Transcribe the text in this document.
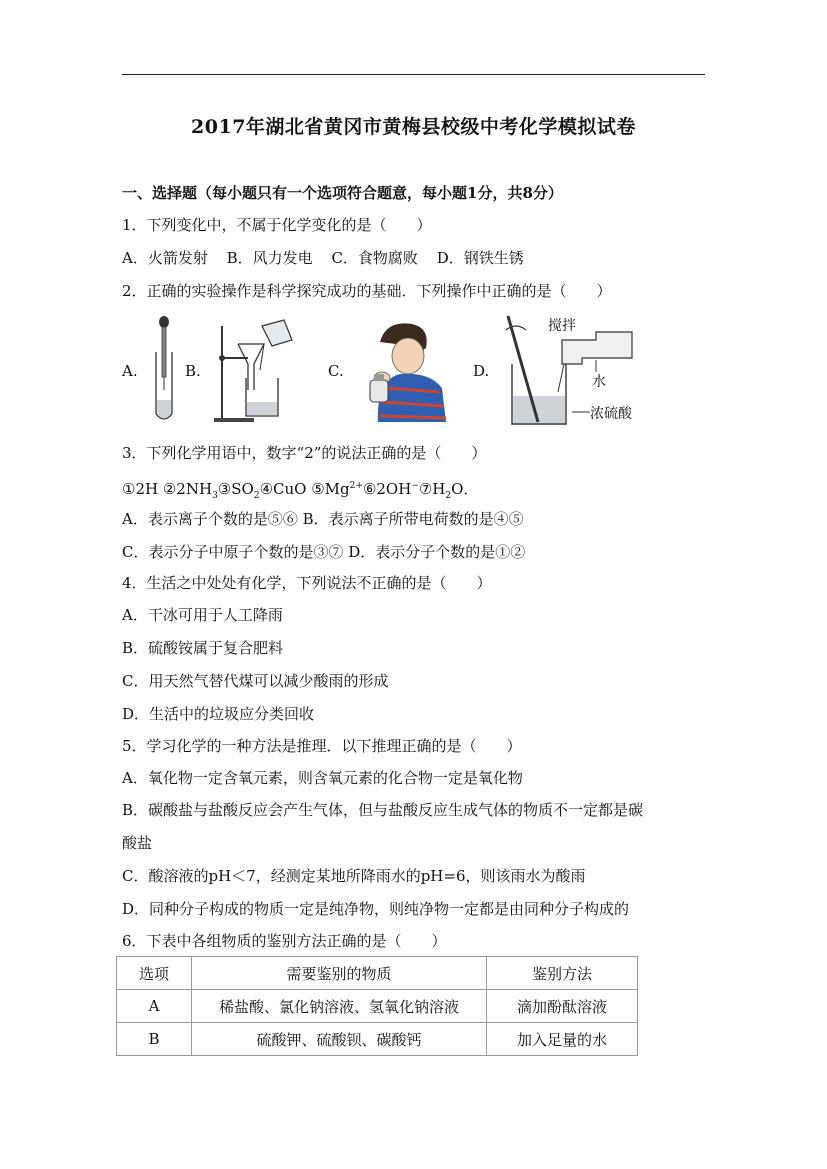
2017年湖北省黄冈市黄梅县校级中考化学模拟试卷
一、选择题（每小题只有一个选项符合题意，每小题1分，共8分）
1．下列变化中，不属于化学变化的是（　　）
A．火箭发射 B．风力发电 C．食物腐败 D．钢铁生锈
2．正确的实验操作是科学探究成功的基础．下列操作中正确的是（　　）
A.	B.	C.	D.
搅拌
水
浓硫酸
3．下列化学用语中，数字“2”的说法正确的是（　　）
①2H $②2NH_3③SO_2④CuO$ $⑤Mg^{2+}⑥2OH^-⑦H_2O$．
A．表示离子个数的是⑤⑥ B．表示离子所带电荷数的是④⑤
C．表示分子中原子个数的是③⑦ D．表示分子个数的是①②
4．生活之中处处有化学，下列说法不正确的是（　　）
A．干冰可用于人工降雨
B．硫酸铵属于复合肥料
C．用天然气替代煤可以减少酸雨的形成
D．生活中的垃圾应分类回收
5．学习化学的一种方法是推理．以下推理正确的是（　　）
A．氧化物一定含氧元素，则含氧元素的化合物一定是氧化物
B．碳酸盐与盐酸反应会产生气体，但与盐酸反应生成气体的物质不一定都是碳
酸盐
C．酸溶液的pH＜7，经测定某地所降雨水的pH=6，则该雨水为酸雨
D．同种分子构成的物质一定是纯净物，则纯净物一定都是由同种分子构成的
6．下表中各组物质的鉴别方法正确的是（　　）
选项	需要鉴别的物质	鉴别方法
A	稀盐酸、氯化钠溶液、氢氧化钠溶液	滴加酚酞溶液
B	硫酸钾、硫酸钡、碳酸钙	加入足量的水
